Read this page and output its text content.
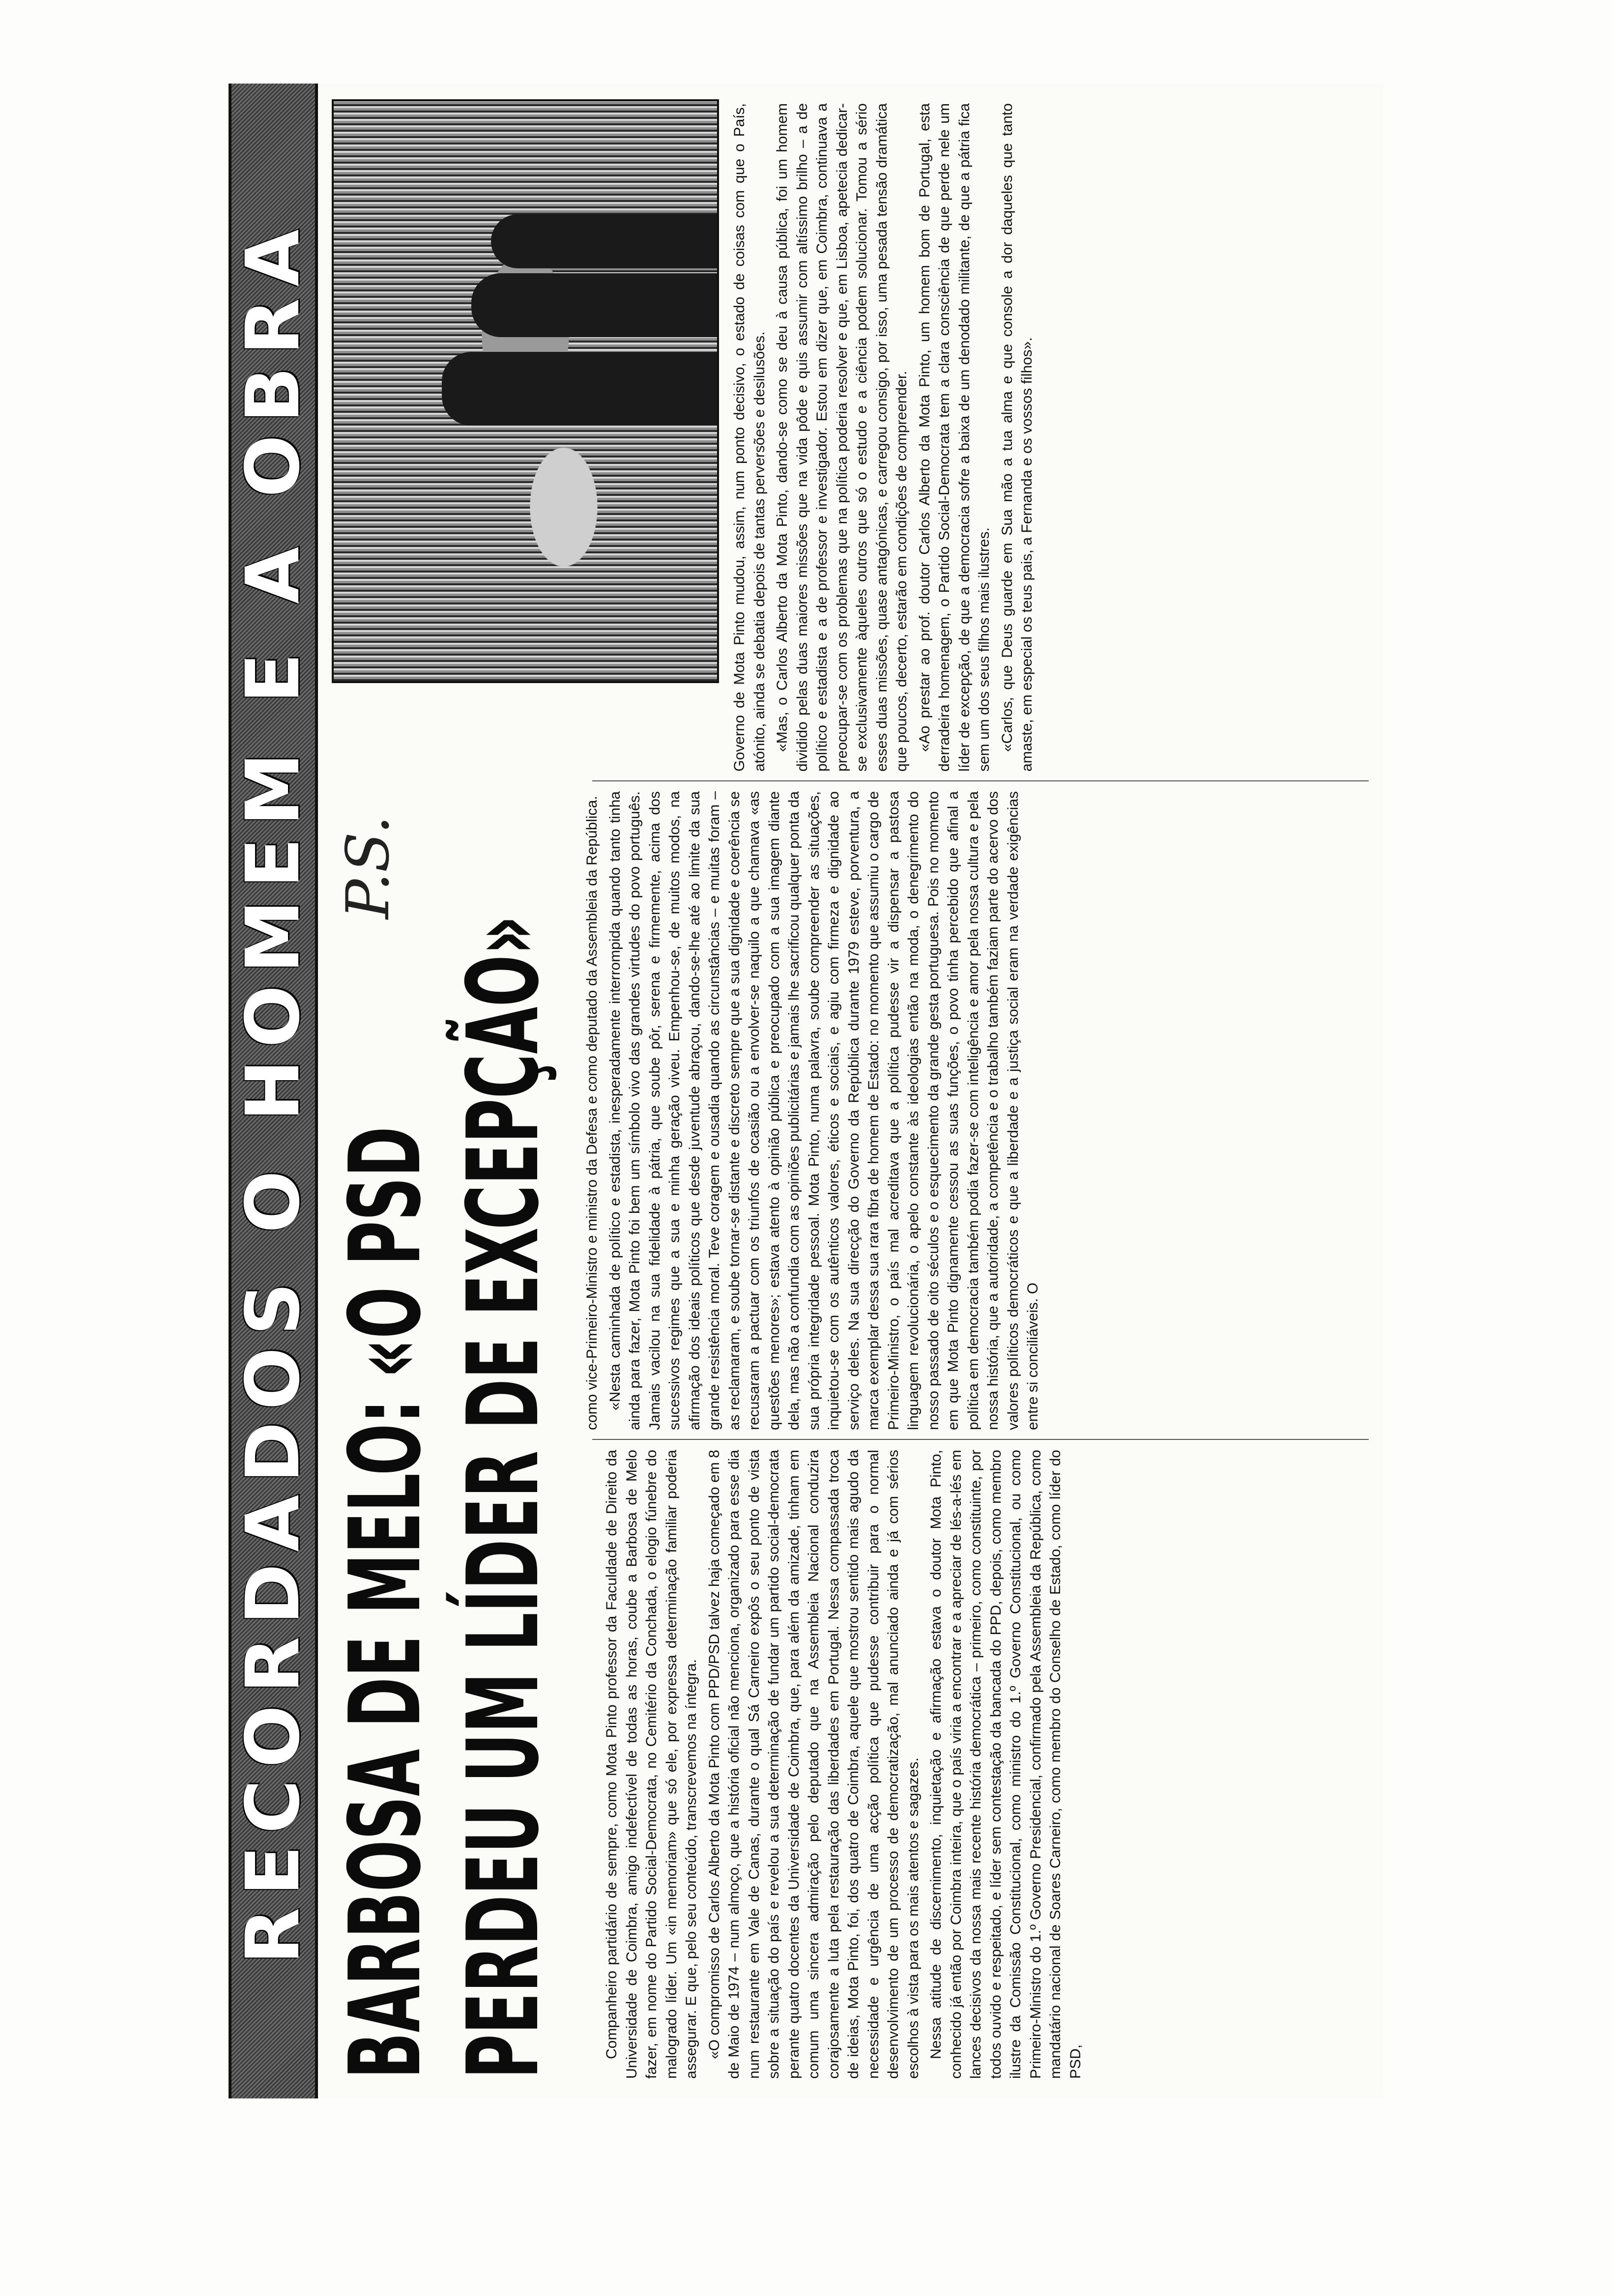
RECORDADOS O HOMEM E A OBRA BARBOSA DE MELO: «O PSD PERDEU UM LÍDER DE EXCEPÇÃO»
P.S.

Companheiro partidário de sempre, como Mota Pinto professor da Faculdade de Direito da Universidade de Coimbra, amigo indefectível de todas as horas, coube a Barbosa de Melo fazer, em nome do Partido Social-Democrata, no Cemitério da Conchada, o elogio fúnebre do malogrado líder. Um «in memoriam» que só ele, por expressa determinação familiar poderia assegurar. E que, pelo seu conteúdo, transcrevemos na íntegra. «O compromisso de Carlos Alberto da Mota Pinto com PPD/PSD talvez haja começado em 8 de Maio de 1974 – num almoço, que a história oficial não menciona, organizado para esse dia num restaurante em Vale de Canas, durante o qual Sá Carneiro expôs o seu ponto de vista sobre a situação do país e revelou a sua determinação de fundar um partido social-democrata perante quatro docentes da Universidade de Coimbra, que, para além da amizade, tinham em comum uma sincera admiração pelo deputado que na Assembleia Nacional conduzira corajosamente a luta pela restauração das liberdades em Portugal. Nessa compassada troca de ideias, Mota Pinto, foi, dos quatro de Coimbra, aquele que mostrou sentido mais agudo da necessidade e urgência de uma acção política que pudesse contribuir para o normal desenvolvimento de um processo de democratização, mal anunciado ainda e já com sérios escolhos à vista para os mais atentos e sagazes. Nessa atitude de discernimento, inquietação e afirmação estava o doutor Mota Pinto, conhecido já então por Coimbra inteira, que o país viria a encontrar e a apreciar de lés-a-lés em lances decisivos da nossa mais recente história democrática – primeiro, como constituinte, por todos ouvido e respeitado, e líder sem contestação da bancada do PPD, depois, como membro ilustre da Comissão Constitucional, como ministro do 1.º Governo Constitucional, ou como Primeiro-Ministro do 1.º Governo Presidencial, confirmado pela Assembleia da República, como mandatário nacional de Soares Carneiro, como membro do Conselho de Estado, como líder do PSD,

como vice-Primeiro-Ministro e ministro da Defesa e como deputado da Assembleia da República. «Nesta caminhada de político e estadista, inesperadamente interrompida quando tanto tinha ainda para fazer, Mota Pinto foi bem um símbolo vivo das grandes virtudes do povo português. Jamais vacilou na sua fidelidade à pátria, que soube pôr, serena e firmemente, acima dos sucessivos regimes que a sua e minha geração viveu. Empenhou-se, de muitos modos, na afirmação dos ideais políticos que desde juventude abraçou, dando-se-lhe até ao limite da sua grande resistência moral. Teve coragem e ousadia quando as circunstâncias – e muitas foram – as reclamaram, e soube tornar-se distante e discreto sempre que a sua dignidade e coerência se recusaram a pactuar com os triunfos de ocasião ou a envolver-se naquilo a que chamava «as questões menores»; estava atento à opinião pública e preocupado com a sua imagem diante dela, mas não a confundia com as opiniões publicitárias e jamais lhe sacrificou qualquer ponta da sua própria integridade pessoal. Mota Pinto, numa palavra, soube compreender as situações, inquietou-se com os autênticos valores, éticos e sociais, e agiu com firmeza e dignidade ao serviço deles. Na sua direcção do Governo da República durante 1979 esteve, porventura, a marca exemplar dessa sua rara fibra de homem de Estado: no momento que assumiu o cargo de Primeiro-Ministro, o país mal acreditava que a política pudesse vir a dispensar a pastosa linguagem revolucionária, o apelo constante às ideologias então na moda, o denegrimento do nosso passado de oito séculos e o esquecimento da grande gesta portuguesa. Pois no momento em que Mota Pinto dignamente cessou as suas funções, o povo tinha percebido que afinal a política em democracia também podia fazer-se com inteligência e amor pela nossa cultura e pela nossa história, que a autoridade, a competência e o trabalho também faziam parte do acervo dos valores políticos democráticos e que a liberdade e a justiça social eram na verdade exigências entre si conciliáveis. O

Governo de Mota Pinto mudou, assim, num ponto decisivo, o estado de coisas com que o País, atónito, ainda se debatia depois de tantas perversões e desilusões. «Mas, o Carlos Alberto da Mota Pinto, dando-se como se deu à causa pública, foi um homem dividido pelas duas maiores missões que na vida pôde e quis assumir com altíssimo brilho – a de político e estadista e a de professor e investigador. Estou em dizer que, em Coimbra, continuava a preocupar-se com os problemas que na política poderia resolver e que, em Lisboa, apetecia dedicar-se exclusivamente àqueles outros que só o estudo e a ciência podem solucionar. Tomou a sério esses duas missões, quase antagónicas, e carregou consigo, por isso, uma pesada tensão dramática que poucos, decerto, estarão em condições de compreender. «Ao prestar ao prof. doutor Carlos Alberto da Mota Pinto, um homem bom de Portugal, esta derradeira homenagem, o Partido Social-Democrata tem a clara consciência de que perde nele um líder de excepção, de que a democracia sofre a baixa de um denodado militante, de que a pátria fica sem um dos seus filhos mais ilustres. «Carlos, que Deus guarde em Sua mão a tua alma e que console a dor daqueles que tanto amaste, em especial os teus pais, a Fernanda e os vossos filhos».
